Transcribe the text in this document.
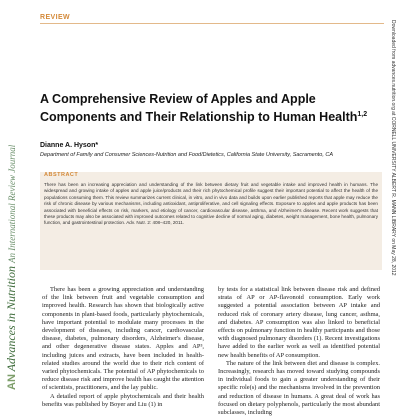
REVIEW
AN Advances in Nutrition An International Review Journal	Downloaded from advances.nutrition.org at CORNELL UNIVERSITY ALBERT R. MANN LIBRARY on May 28, 2012
A Comprehensive Review of Apples and Apple Components and Their Relationship to Human Health$^{1,2}$
Dianne A. Hyson*
Department of Family and Consumer Sciences-Nutrition and Food/Dietetics, California State University, Sacramento, CA
ABSTRACT
There has been an increasing appreciation and understanding of the link between dietary fruit and vegetable intake and improved health in humans. The widespread and growing intake of apples and apple juice/products and their rich phytochemical profile suggest their important potential to affect the health of the populations consuming them. This review summarizes current clinical, in vitro, and in vivo data and builds upon earlier published reports that apple may reduce the risk of chronic disease by various mechanisms, including antioxidant, antiproliferative, and cell signaling effects. Exposure to apples and apple products has been associated with beneficial effects on risk, markers, and etiology of cancer, cardiovascular disease, asthma, and Alzheimer's disease. Recent work suggests that these products may also be associated with improved outcomes related to cognitive decline of normal aging, diabetes, weight management, bone health, pulmonary function, and gastrointestinal protection. Adv. Nutr. 2: 408–420, 2011.

There has been a growing appreciation and understanding of the link between fruit and vegetable consumption and improved health. Research has shown that biologically active components in plant-based foods, particularly phytochemicals, have important potential to modulate many processes in the development of diseases, including cancer, cardiovascular disease, diabetes, pulmonary disorders, Alzheimer's disease, and other degenerative disease states. Apples and AP³, including juices and extracts, have been included in health-related studies around the world due to their rich content of varied phytochemicals. The potential of AP phytochemicals to reduce disease risk and improve health has caught the attention of scientists, practitioners, and the lay public.

A detailed report of apple phytochemicals and their health benefits was published by Boyer and Liu (1) in

by tests for a statistical link between disease risk and defined strata of AP or AP-flavonoid consumption. Early work suggested a potential association between AP intake and reduced risk of coronary artery disease, lung cancer, asthma, and diabetes. AP consumption was also linked to beneficial effects on pulmonary function in healthy participants and those with diagnosed pulmonary disorders (1). Recent investigations have added to the earlier work as well as identified potential new health benefits of AP consumption.

The nature of the link between diet and disease is complex. Increasingly, research has moved toward studying compounds in individual foods to gain a greater understanding of their specific role(s) and the mechanisms involved in the prevention and reduction of disease in humans. A great deal of work has focused on dietary polyphenols, particularly the most abundant subclasses, including
